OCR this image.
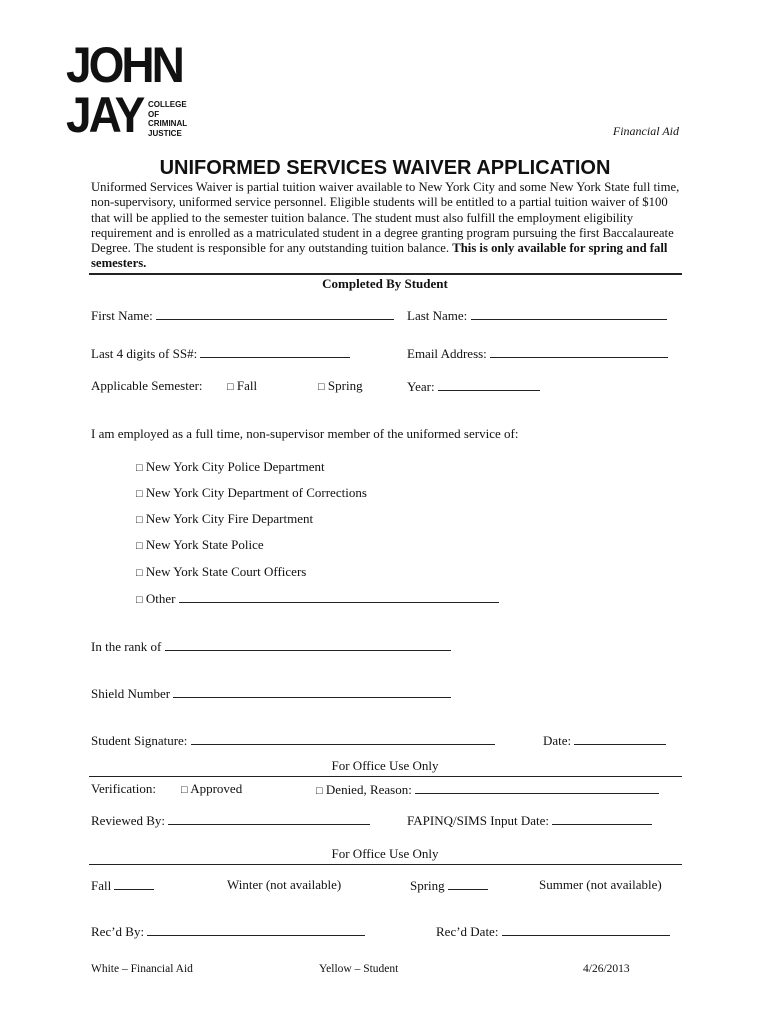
JOHN
JAY COLLEGE
OF
CRIMINAL
JUSTICE	Financial Aid
UNIFORMED SERVICES WAIVER APPLICATION
Uniformed Services Waiver is partial tuition waiver available to New York City and some New York State full time, non-supervisory, uniformed service personnel. Eligible students will be entitled to a partial tuition waiver of $100 that will be applied to the semester tuition balance. The student must also fulfill the employment eligibility requirement and is enrolled as a matriculated student in a degree granting program pursuing the first Baccalaureate Degree. The student is responsible for any outstanding tuition balance. This is only available for spring and fall semesters.
Completed By Student
First Name:	Last Name:
Last 4 digits of SS#:	Email Address:
Applicable Semester: □ Fall	□ Spring	Year:
I am employed as a full time, non-supervisor member of the uniformed service of:
□ New York City Police Department
□ New York City Department of Corrections
□ New York City Fire Department
□ New York State Police
□ New York State Court Officers
□ Other
In the rank of
Shield Number
Student Signature:	Date:
For Office Use Only
Verification: □ Approved	□ Denied, Reason:
Reviewed By:	FAPINQ/SIMS Input Date:
For Office Use Only
Fall	Winter (not available)	Spring	Summer (not available)
Rec’d By:	Rec’d Date:
White – Financial Aid	Yellow – Student	4/26/2013
